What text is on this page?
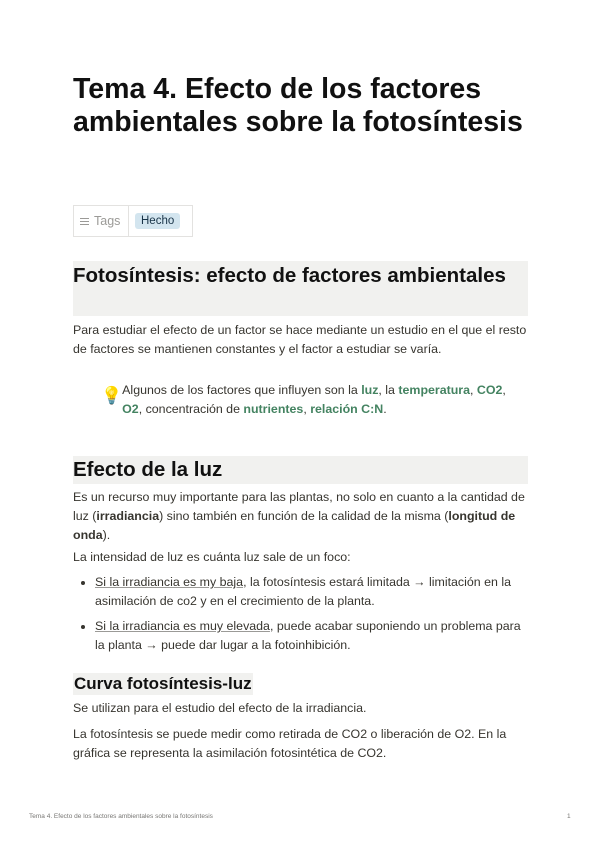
Tema 4. Efecto de los factores ambientales sobre la fotosíntesis
Tags	Hecho
Fotosíntesis: efecto de factores ambientales

Para estudiar el efecto de un factor se hace mediante un estudio en el que el resto de factores se mantienen constantes y el factor a estudiar se varía.

💡 Algunos de los factores que influyen son la luz, la temperatura, CO2, O2, concentración de nutrientes, relación C:N.
Efecto de la luz

Es un recurso muy importante para las plantas, no solo en cuanto a la cantidad de luz (irradiancia) sino también en función de la calidad de la misma (longitud de onda).

La intensidad de luz es cuánta luz sale de un foco:

• Si la irradiancia es my baja, la fotosíntesis estará limitada → limitación en la asimilación de co2 y en el crecimiento de la planta.
• Si la irradiancia es muy elevada, puede acabar suponiendo un problema para la planta → puede dar lugar a la fotoinhibición.
Curva fotosíntesis-luz

Se utilizan para el estudio del efecto de la irradiancia.

La fotosíntesis se puede medir como retirada de CO2 o liberación de O2. En la gráfica se representa la asimilación fotosintética de CO2.

Tema 4. Efecto de los factores ambientales sobre la fotosíntesis	1
